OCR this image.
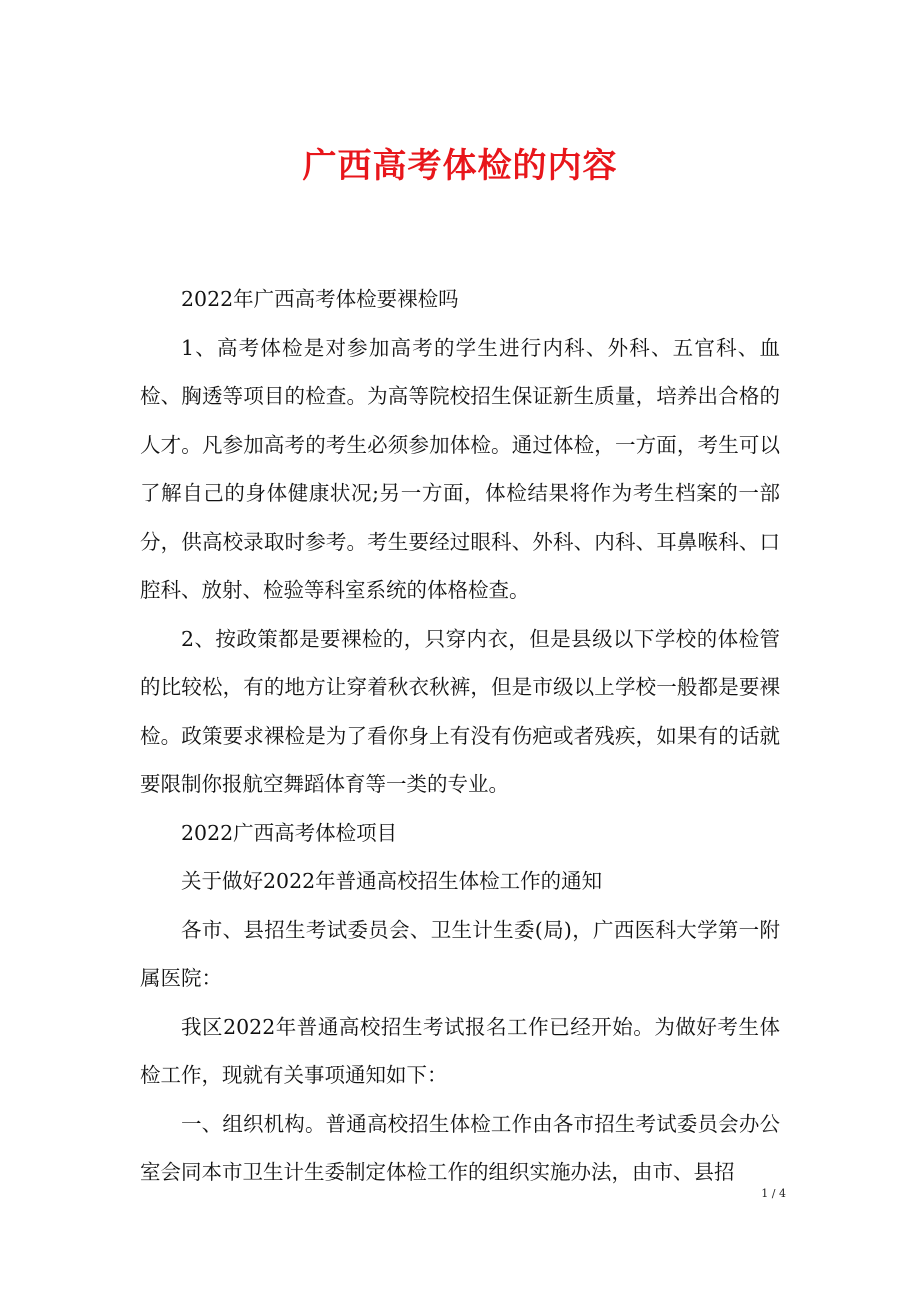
广西高考体检的内容

2022年广西高考体检要裸检吗

1、高考体检是对参加高考的学生进行内科、外科、五官科、血检、胸透等项目的检查。为高等院校招生保证新生质量，培养出合格的人才。凡参加高考的考生必须参加体检。通过体检，一方面，考生可以了解自己的身体健康状况;另一方面，体检结果将作为考生档案的一部分，供高校录取时参考。考生要经过眼科、外科、内科、耳鼻喉科、口腔科、放射、检验等科室系统的体格检查。

2、按政策都是要裸检的，只穿内衣，但是县级以下学校的体检管的比较松，有的地方让穿着秋衣秋裤，但是市级以上学校一般都是要裸检。政策要求裸检是为了看你身上有没有伤疤或者残疾，如果有的话就要限制你报航空舞蹈体育等一类的专业。

2022广西高考体检项目

关于做好2022年普通高校招生体检工作的通知

各市、县招生考试委员会、卫生计生委(局)，广西医科大学第一附属医院：

我区2022年普通高校招生考试报名工作已经开始。为做好考生体检工作，现就有关事项通知如下：

一、组织机构。普通高校招生体检工作由各市招生考试委员会办公室会同本市卫生计生委制定体检工作的组织实施办法，由市、县招

1 / 4
